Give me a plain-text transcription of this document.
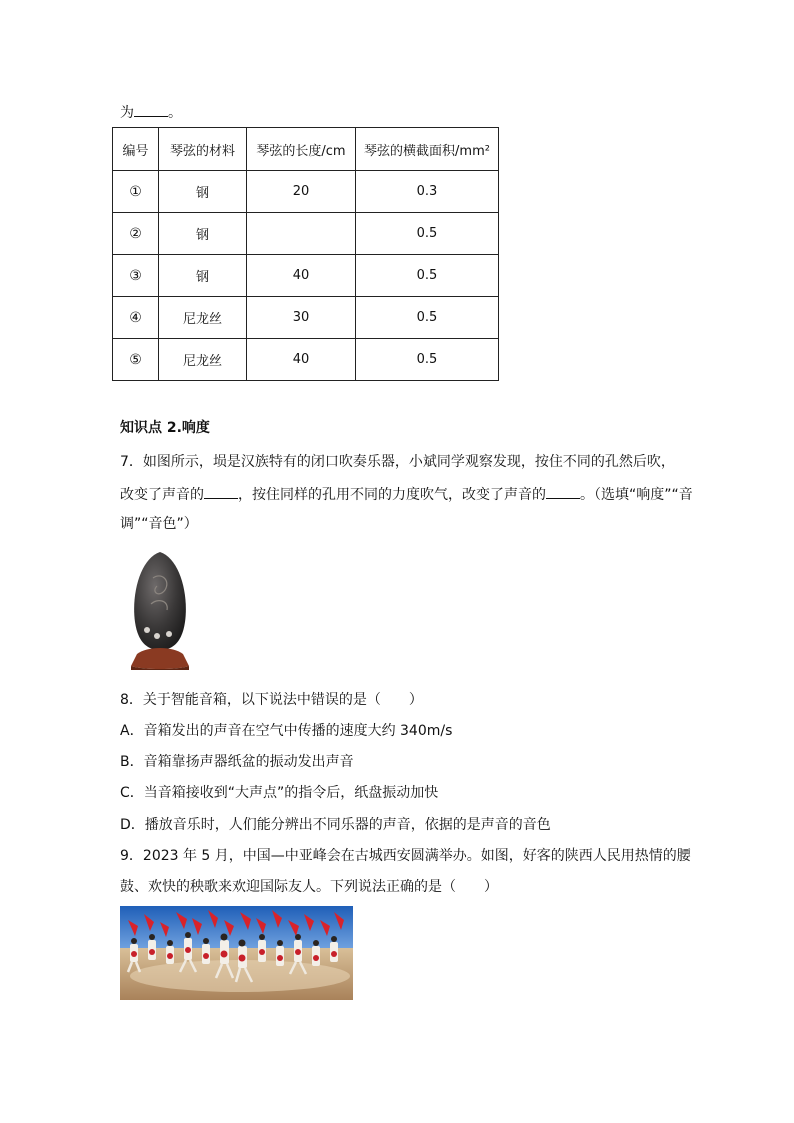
为 。
编号	琴弦的材料	琴弦的长度/cm	琴弦的横截面积/mm²
①	钢	20	0.3
②	钢		0.5
③	钢	40	0.5
④	尼龙丝	30	0.5
⑤	尼龙丝	40	0.5
知识点 2.响度
7．如图所示，埙是汉族特有的闭口吹奏乐器，小斌同学观察发现，按住不同的孔然后吹，
改变了声音的 ，按住同样的孔用不同的力度吹气，改变了声音的 。（选填“响度”“音
调”“音色”）
8．关于智能音箱，以下说法中错误的是（　　）
A．音箱发出的声音在空气中传播的速度大约 340m/s
B．音箱靠扬声器纸盆的振动发出声音
C．当音箱接收到“大声点”的指令后，纸盘振动加快
D．播放音乐时，人们能分辨出不同乐器的声音，依据的是声音的音色
9．2023 年 5 月，中国—中亚峰会在古城西安圆满举办。如图，好客的陕西人民用热情的腰
鼓、欢快的秧歌来欢迎国际友人。下列说法正确的是（　　）
